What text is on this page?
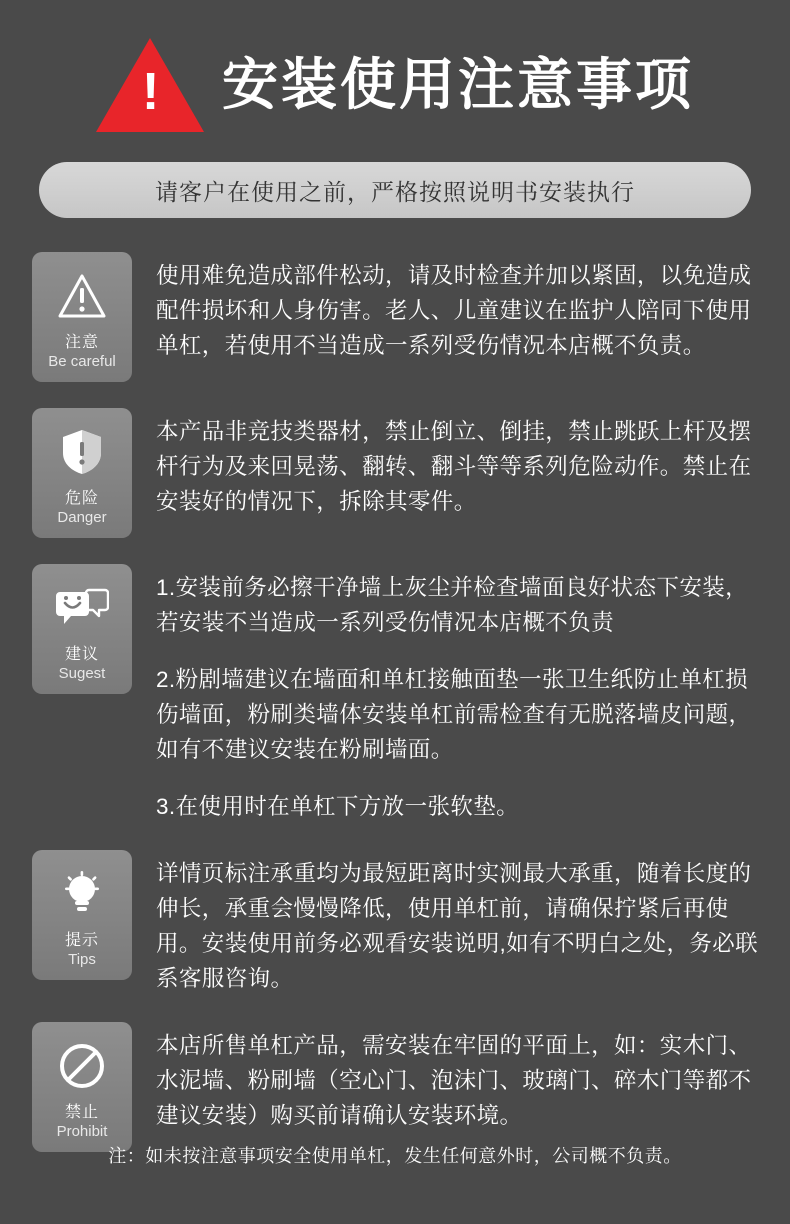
! 安装使用注意事项
请客户在使用之前，严格按照说明书安装执行
注意
Be careful

使用难免造成部件松动，请及时检查并加以紧固，以免造成配件损坏和人身伤害。老人、儿童建议在监护人陪同下使用单杠，若使用不当造成一系列受伤情况本店概不负责。

危险
Danger

本产品非竞技类器材，禁止倒立、倒挂，禁止跳跃上杆及摆杆行为及来回晃荡、翻转、翻斗等等系列危险动作。禁止在安装好的情况下，拆除其零件。

建议
Sugest

1.安装前务必擦干净墙上灰尘并检查墙面良好状态下安装，若安装不当造成一系列受伤情况本店概不负责

2.粉剧墙建议在墙面和单杠接触面垫一张卫生纸防止单杠损伤墙面，粉刷类墙体安装单杠前需检查有无脱落墙皮问题，如有不建议安装在粉刷墙面。

3.在使用时在单杠下方放一张软垫。

提示
Tips

详情页标注承重均为最短距离时实测最大承重，随着长度的伸长，承重会慢慢降低，使用单杠前，请确保拧紧后再使用。安装使用前务必观看安装说明,如有不明白之处，务必联系客服咨询。

禁止
Prohibit

本店所售单杠产品，需安装在牢固的平面上，如：实木门、水泥墙、粉刷墙（空心门、泡沫门、玻璃门、碎木门等都不建议安装）购买前请确认安装环境。

注：如未按注意事项安全使用单杠，发生任何意外时，公司概不负责。
